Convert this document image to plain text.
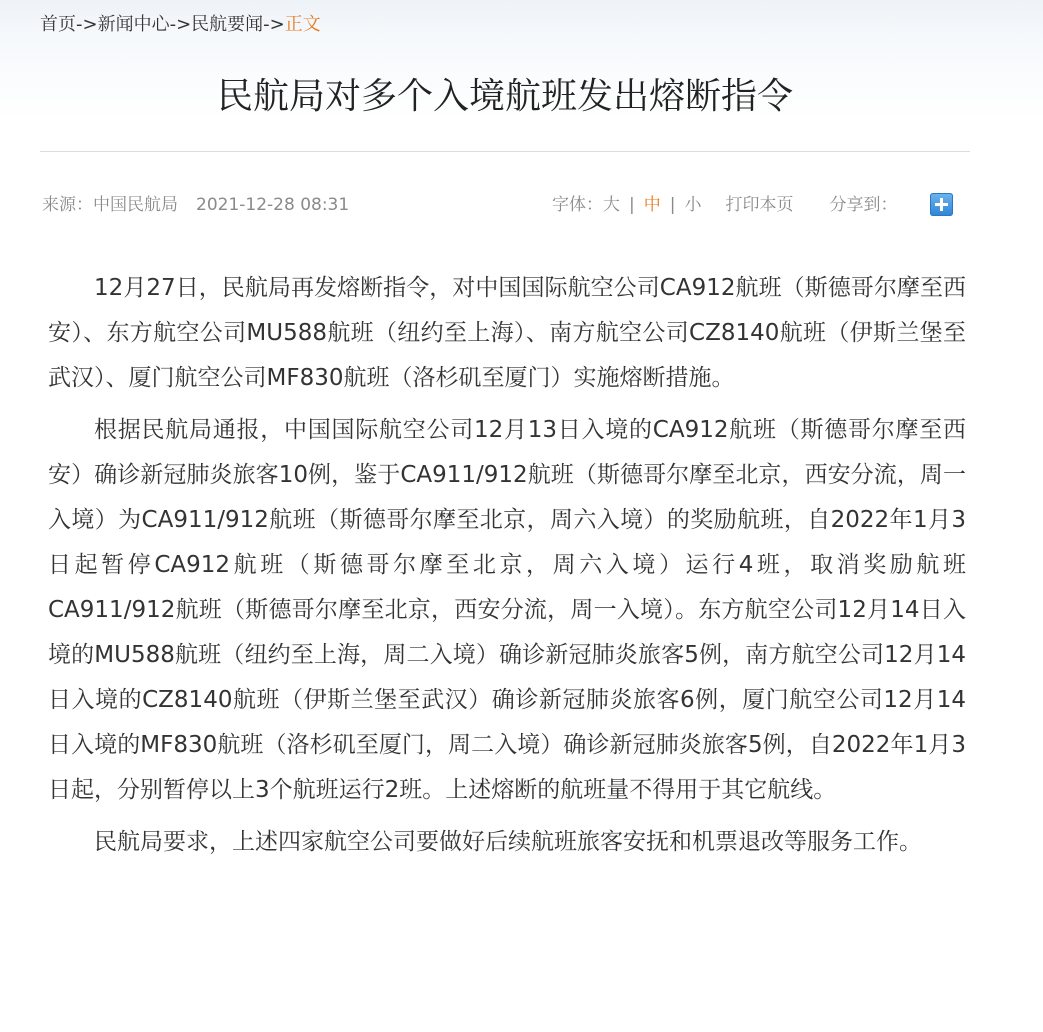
首页->新闻中心->民航要闻->正文
民航局对多个入境航班发出熔断指令
来源：中国民航局 2021-12-28 08:31	字体：大 | 中 | 小 打印本页 分享到：

12月27日，民航局再发熔断指令，对中国国际航空公司CA912航班（斯德哥尔摩至西安）、东方航空公司MU588航班（纽约至上海）、南方航空公司CZ8140航班（伊斯兰堡至武汉）、厦门航空公司MF830航班（洛杉矶至厦门）实施熔断措施。

根据民航局通报，中国国际航空公司12月13日入境的CA912航班（斯德哥尔摩至西安）确诊新冠肺炎旅客10例，鉴于CA911/912航班（斯德哥尔摩至北京，西安分流，周一入境）为CA911/912航班（斯德哥尔摩至北京，周六入境）的奖励航班，自2022年1月3日起暂停CA912航班（斯德哥尔摩至北京，周六入境）运行4班，取消奖励航班CA911/912航班（斯德哥尔摩至北京，西安分流，周一入境）。东方航空公司12月14日入境的MU588航班（纽约至上海，周二入境）确诊新冠肺炎旅客5例，南方航空公司12月14日入境的CZ8140航班（伊斯兰堡至武汉）确诊新冠肺炎旅客6例，厦门航空公司12月14日入境的MF830航班（洛杉矶至厦门，周二入境）确诊新冠肺炎旅客5例，自2022年1月3日起，分别暂停以上3个航班运行2班。上述熔断的航班量不得用于其它航线。

民航局要求，上述四家航空公司要做好后续航班旅客安抚和机票退改等服务工作。
